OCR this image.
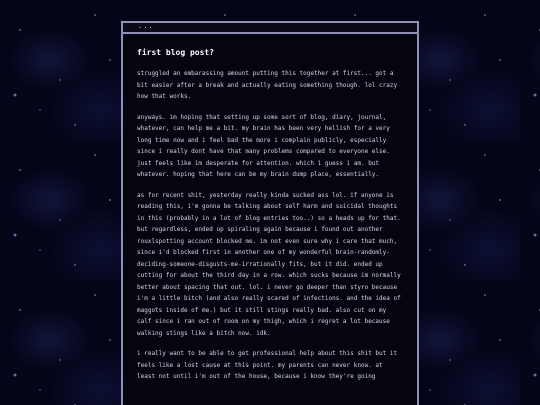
...
first blog post?

struggled an embarassing amount putting this together at first... got a bit easier after a break and actually eating something though. lol crazy how that works.

anyways. im hoping that setting up some sort of blog, diary, journal, whatever, can help me a bit. my brain has been very hellish for a very long time now and i feel bad the more i complain publicly, especially since i really dont have that many problems compared to everyone else. just feels like im desperate for attention. which i guess i am. but whatever. hoping that here can be my brain dump place, essentially.

as for recent shit, yesterday really kinda sucked ass lol. if anyone is reading this, i'm gonna be talking about self harm and suicidal thoughts in this (probably in a lot of blog entries too..) so a heads up for that. but regardless, ended up spiraling again because i found out another rouxlspotting account blocked me. im not even sure why i care that much, since i'd blocked first in another one of my wonderful brain-randomly-deciding-someone-disgusts-me-irrationally fits, but it did. ended up cutting for about the third day in a row. which sucks because im normally better about spacing that out. lol. i never go deeper than styro because i'm a little bitch (and also really scared of infections. and the idea of maggots inside of me.) but it still stings really bad. also cut on my calf since i ran out of room on my thigh, which i regret a lot because walking stings like a bitch now. idk.

i really want to be able to get professional help about this shit but it feels like a lost cause at this point. my parents can never know. at least not until i'm out of the house, because i know they're going
